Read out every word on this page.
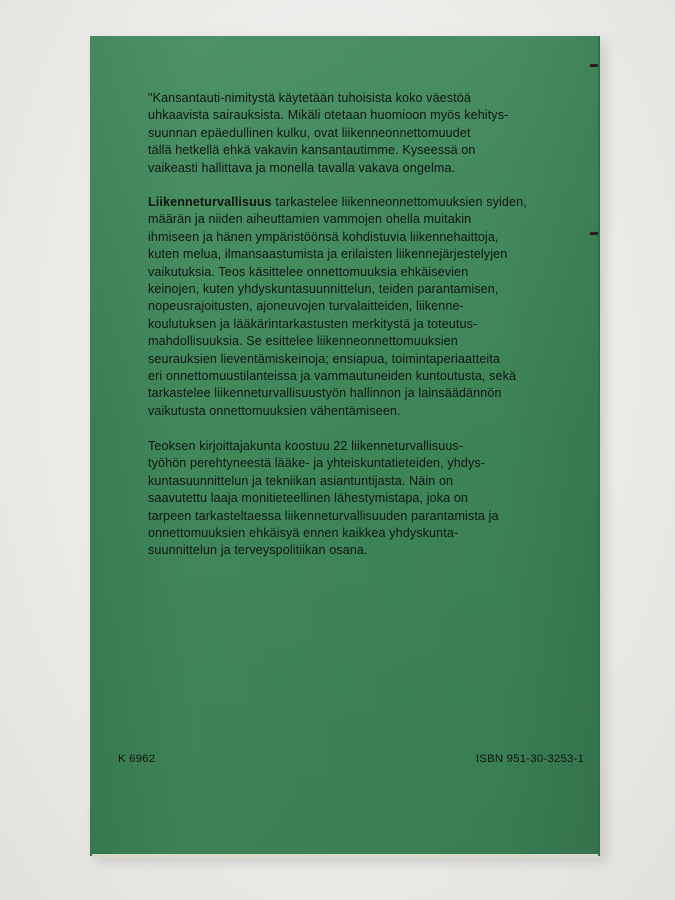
"Kansantauti-nimitystä käytetään tuhoisista koko väestöä
uhkaavista sairauksista. Mikäli otetaan huomioon myös kehitys-
suunnan epäedullinen kulku, ovat liikenneonnettomuudet
tällä hetkellä ehkä vakavin kansantautimme. Kyseessä on
vaikeasti hallittava ja monella tavalla vakava ongelma.

Liikenneturvallisuus tarkastelee liikenneonnettomuuksien syiden,
määrän ja niiden aiheuttamien vammojen ohella muitakin
ihmiseen ja hänen ympäristöönsä kohdistuvia liikennehaittoja,
kuten melua, ilmansaastumista ja erilaisten liikennejärjestelyjen
vaikutuksia. Teos käsittelee onnettomuuksia ehkäisevien
keinojen, kuten yhdyskuntasuunnittelun, teiden parantamisen,
nopeusrajoitusten, ajoneuvojen turvalaitteiden, liikenne-
koulutuksen ja lääkärintarkastusten merkitystä ja toteutus-
mahdollisuuksia. Se esittelee liikenneonnettomuuksien
seurauksien lieventämiskeinoja; ensiapua, toimintaperiaatteita
eri onnettomuustilanteissa ja vammautuneiden kuntoutusta, sekä
tarkastelee liikenneturvallisuustyön hallinnon ja lainsäädännön
vaikutusta onnettomuuksien vähentämiseen.

Teoksen kirjoittajakunta koostuu 22 liikenneturvallisuus-
työhön perehtyneestä lääke- ja yhteiskuntatieteiden, yhdys-
kuntasuunnittelun ja tekniikan asiantuntijasta. Näin on
saavutettu laaja monitieteellinen lähestymistapa, joka on
tarpeen tarkasteltaessa liikenneturvallisuuden parantamista ja
onnettomuuksien ehkäisyä ennen kaikkea yhdyskunta-
suunnittelun ja terveyspolitiikan osana.

K 6962	ISBN 951-30-3253-1
